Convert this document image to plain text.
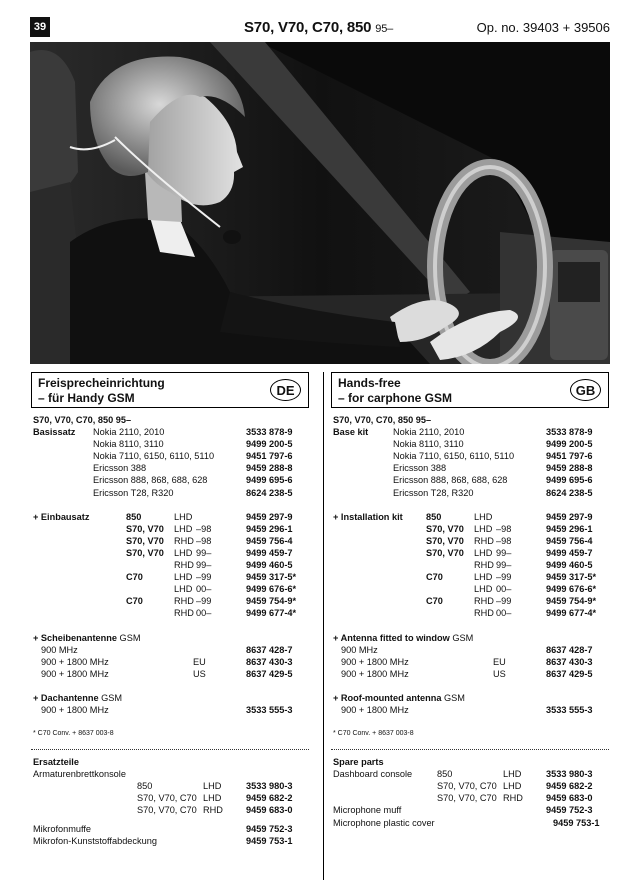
39	S70, V70, C70, 850 95–	Op. no. 39403 + 39506
Freisprecheinrichtung
– für Handy GSM
DE
S70, V70, C70, 850 95–
Basissatz Nokia 2110, 2010	3533 878-9
Nokia 8110, 3110	9499 200-5
Nokia 7110, 6150, 6110, 5110	9451 797-6
Ericsson 388	9459 288-8
Ericsson 888, 868, 688, 628	9499 695-6
Ericsson T28, R320	8624 238-5
+ Einbausatz	850	LHD	9459 297-9
S70, V70 LHD –98	9459 296-1
S70, V70 RHD –98	9459 756-4
S70, V70 LHD 99–	9499 459-7
RHD 99–	9499 460-5
C70	LHD –99	9459 317-5*
LHD 00–	9499 676-6*
C70	RHD –99	9459 754-9*
RHD 00–	9499 677-4*
+ Scheibenantenne GSM
900 MHz	8637 428-7
900 + 1800 MHz	EU	8637 430-3
900 + 1800 MHz	US	8637 429-5
+ Dachantenne GSM
900 + 1800 MHz	3533 555-3
* C70 Conv. + 8637 003-8
Ersatzteile
Armaturenbrettkonsole
850	LHD	3533 980-3
S70, V70, C70 LHD	9459 682-2
S70, V70, C70 RHD	9459 683-0
Mikrofonmuffe	9459 752-3
Mikrofon-Kunststoffabdeckung	9459 753-1
Hands-free
– for carphone GSM
GB
S70, V70, C70, 850 95–
Base kit	Nokia 2110, 2010	3533 878-9
Nokia 8110, 3110	9499 200-5
Nokia 7110, 6150, 6110, 5110	9451 797-6
Ericsson 388	9459 288-8
Ericsson 888, 868, 688, 628	9499 695-6
Ericsson T28, R320	8624 238-5
+ Installation kit	850	LHD	9459 297-9
S70, V70 LHD –98	9459 296-1
S70, V70 RHD –98	9459 756-4
S70, V70 LHD 99–	9499 459-7
RHD 99–	9499 460-5
C70	LHD –99	9459 317-5*
LHD 00–	9499 676-6*
C70	RHD –99	9459 754-9*
RHD 00–	9499 677-4*
+ Antenna fitted to window GSM
900 MHz	8637 428-7
900 + 1800 MHz	EU	8637 430-3
900 + 1800 MHz	US	8637 429-5
+ Roof-mounted antenna GSM
900 + 1800 MHz	3533 555-3
* C70 Conv. + 8637 003-8
Spare parts
Dashboard console	850	LHD	3533 980-3
S70, V70, C70 LHD	9459 682-2
S70, V70, C70 RHD	9459 683-0
Microphone muff	9459 752-3
Microphone plastic cover	9459 753-1
